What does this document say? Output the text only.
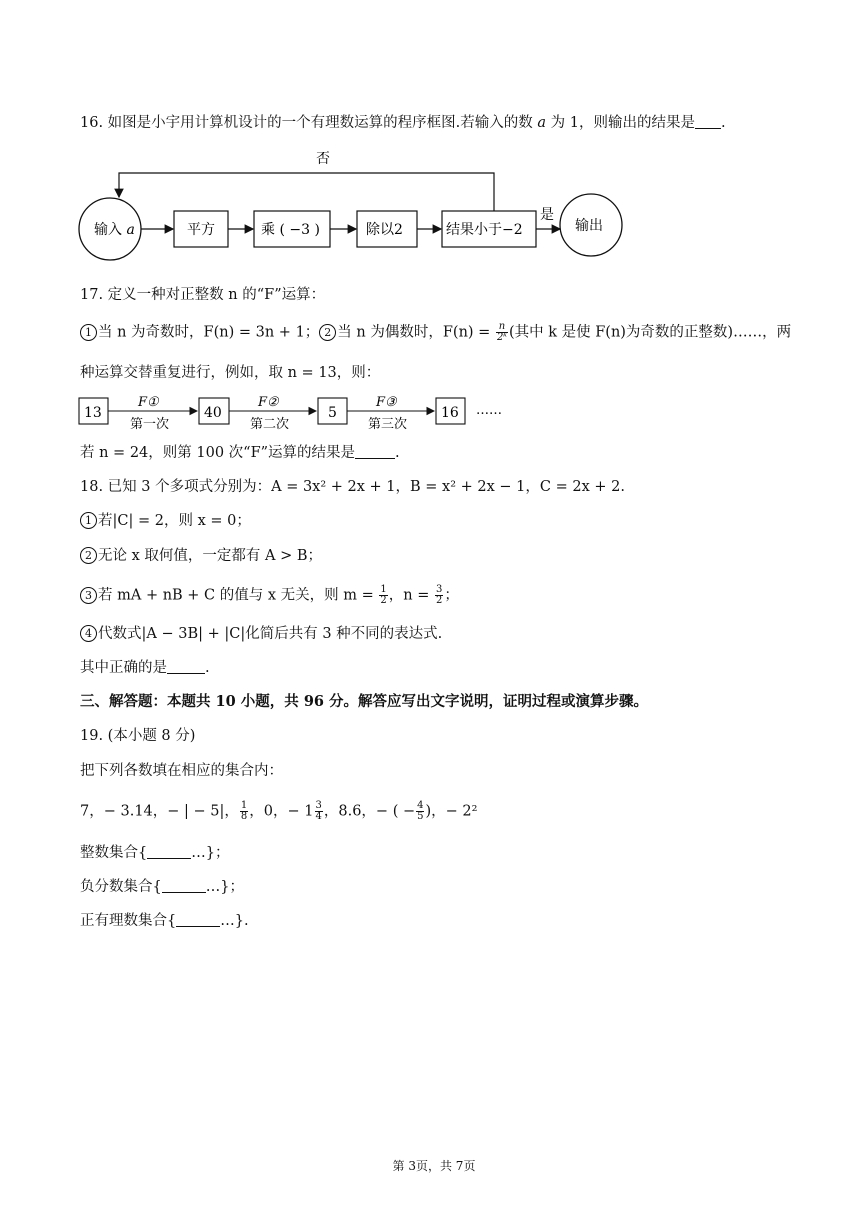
16. 如图是小宇用计算机设计的一个有理数运算的程序框图.若输入的数 a 为 1，则输出的结果是 .
输入 a	平方	乘 ( −3 )	除以2	结果小于−2
是
输出
否
17. 定义一种对正整数 n 的“F”运算：
1 当 n 为奇数时，F(n) = 3n + 1； 2 当 n 为偶数时，$F(n) = \frac{n}{\text{2ᵏ}}$ (其中 k 是使 F(n)为奇数的正整数)……，两
种运算交替重复进行，例如，取 n = 13，则：
13
F①
第一次
40
F②
第二次
5
F③
第三次
16 ……
若 n = 24，则第 100 次“F”运算的结果是	.
18. 已知 3 个多项式分别为：A = 3x² + 2x + 1，B = x² + 2x − 1，C = 2x + 2.
1 若|C| = 2，则 x = 0；
2 无论 x 取何值，一定都有 A > B；
3 若 mA + nB + C 的值与 x 无关，则 $m = \frac{1}{2}$ ，$n = \frac{3}{2}$ ；
4 代数式|A − 3B| + |C|化简后共有 3 种不同的表达式.
其中正确的是	.
三、解答题：本题共 10 小题，共 96 分。解答应写出文字说明，证明过程或演算步骤。
19. (本小题 8 分)
把下列各数填在相应的集合内：
7，− 3.14，− | − 5|， $\frac{1}{8}$ ，0，− $1 \frac{3}{4}$ ，8.6，− ( − $\frac{4}{5}$ )，− 2²
整数集合{	…}；
负分数集合{	…}；
正有理数集合{	…}.
第 3页，共 7页
